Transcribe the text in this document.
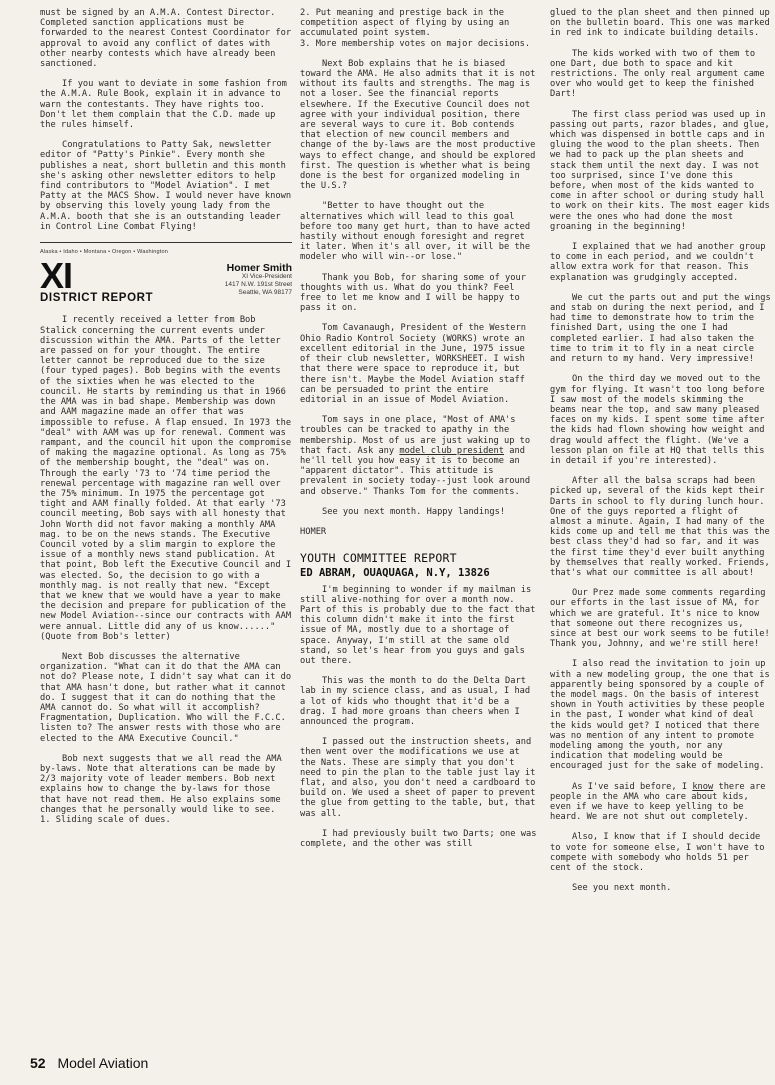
must be signed by an A.M.A. Contest Director. Completed sanction applications must be forwarded to the nearest Contest Coordinator for approval to avoid any conflict of dates with other nearby contests which have already been sanctioned.

If you want to deviate in some fashion from the A.M.A. Rule Book, explain it in advance to warn the contestants. They have rights too. Don't let them complain that the C.D. made up the rules himself.

Congratulations to Patty Sak, newsletter editor of "Patty's Pinkie". Every month she publishes a neat, short bulletin and this month she's asking other newsletter editors to help find contributors to "Model Aviation". I met Patty at the MACS Show. I would never have known by observing this lovely young lady from the A.M.A. booth that she is an outstanding leader in Control Line Combat Flying!

Alaska • Idaho • Montana • Oregon • Washington
XI
DISTRICT REPORT
Homer Smith
XI Vice-President
1417 N.W. 191st Street
Seattle, WA 98177

I recently received a letter from Bob Stalick concerning the current events under discussion within the AMA. Parts of the letter are passed on for your thought. The entire letter cannot be reproduced due to the size (four typed pages). Bob begins with the events of the sixties when he was elected to the council. He starts by reminding us that in 1966 the AMA was in bad shape. Membership was down and AAM magazine made an offer that was impossible to refuse. A flap ensued. In 1973 the "deal" with AAM was up for renewal. Comment was rampant, and the council hit upon the compromise of making the magazine optional. As long as 75% of the membership bought, the "deal" was on. Through the early '73 to '74 time period the renewal percentage with magazine ran well over the 75% minimum. In 1975 the percentage got tight and AAM finally folded. At that early '73 council meeting, Bob says with all honesty that John Worth did not favor making a monthly AMA mag. to be on the news stands. The Executive Council voted by a slim margin to explore the issue of a monthly news stand publication. At that point, Bob left the Executive Council and I was elected. So, the decision to go with a monthly mag. is not really that new. "Except that we knew that we would have a year to make the decision and prepare for publication of the new Model Aviation--since our contracts with AAM were annual. Little did any of us know......" (Quote from Bob's letter)

Next Bob discusses the alternative organization. "What can it do that the AMA can not do? Please note, I didn't say what can it do that AMA hasn't done, but rather what it cannot do. I suggest that it can do nothing that the AMA cannot do. So what will it accomplish? Fragmentation, Duplication. Who will the F.C.C. listen to? The answer rests with those who are elected to the AMA Executive Council."

Bob next suggests that we all read the AMA by-laws. Note that alterations can be made by 2/3 majority vote of leader members. Bob next explains how to change the by-laws for those that have not read them. He also explains some changes that he personally would like to see.

1. Sliding scale of dues.

2. Put meaning and prestige back in the competition aspect of flying by using an accumulated point system.

3. More membership votes on major decisions.

Next Bob explains that he is biased toward the AMA. He also admits that it is not without its faults and strengths. The mag is not a loser. See the financial reports elsewhere. If the Executive Council does not agree with your individual position, there are several ways to cure it. Bob contends that election of new council members and change of the by-laws are the most productive ways to effect change, and should be explored first. The question is whether what is being done is the best for organized modeling in the U.S.?

"Better to have thought out the alternatives which will lead to this goal before too many get hurt, than to have acted hastily without enough foresight and regret it later. When it's all over, it will be the modeler who will win--or lose."

Thank you Bob, for sharing some of your thoughts with us. What do you think? Feel free to let me know and I will be happy to pass it on.

Tom Cavanaugh, President of the Western Ohio Radio Kontrol Society (WORKS) wrote an excellent editorial in the June, 1975 issue of their club newsletter, WORKSHEET. I wish that there were space to reproduce it, but there isn't. Maybe the Model Aviation staff can be persuaded to print the entire editorial in an issue of Model Aviation.

Tom says in one place, "Most of AMA's troubles can be tracked to apathy in the membership. Most of us are just waking up to that fact. Ask any model club president and he'll tell you how easy it is to become an "apparent dictator". This attitude is prevalent in society today--just look around and observe." Thanks Tom for the comments.

See you next month. Happy landings!

HOMER

YOUTH COMMITTEE REPORT
ED ABRAM, OUAQUAGA, N.Y, 13826

I'm beginning to wonder if my mailman is still alive-nothing for over a month now. Part of this is probably due to the fact that this column didn't make it into the first issue of MA, mostly due to a shortage of space. Anyway, I'm still at the same old stand, so let's hear from you guys and gals out there.

This was the month to do the Delta Dart lab in my science class, and as usual, I had a lot of kids who thought that it'd be a drag. I had more groans than cheers when I announced the program.

I passed out the instruction sheets, and then went over the modifications we use at the Nats. These are simply that you don't need to pin the plan to the table just lay it flat, and also, you don't need a cardboard to build on. We used a sheet of paper to prevent the glue from getting to the table, but, that was all.

I had previously built two Darts; one was complete, and the other was still

glued to the plan sheet and then pinned up on the bulletin board. This one was marked in red ink to indicate building details.

The kids worked with two of them to one Dart, due both to space and kit restrictions. The only real argument came over who would get to keep the finished Dart!

The first class period was used up in passing out parts, razor blades, and glue, which was dispensed in bottle caps and in gluing the wood to the plan sheets. Then we had to pack up the plan sheets and stack them until the next day. I was not too surprised, since I've done this before, when most of the kids wanted to come in after school or during study hall to work on their kits. The most eager kids were the ones who had done the most groaning in the beginning!

I explained that we had another group to come in each period, and we couldn't allow extra work for that reason. This explanation was grudgingly accepted.

We cut the parts out and put the wings and stab on during the next period, and I had time to demonstrate how to trim the finished Dart, using the one I had completed earlier. I had also taken the time to trim it to fly in a neat circle and return to my hand. Very impressive!

On the third day we moved out to the gym for flying. It wasn't too long before I saw most of the models skimming the beams near the top, and saw many pleased faces on my kids. I spent some time after the kids had flown showing how weight and drag would affect the flight. (We've a lesson plan on file at HQ that tells this in detail if you're interested).

After all the balsa scraps had been picked up, several of the kids kept their Darts in school to fly during lunch hour. One of the guys reported a flight of almost a minute. Again, I had many of the kids come up and tell me that this was the best class they'd had so far, and it was the first time they'd ever built anything by themselves that really worked. Friends, that's what our committee is all about!

Our Prez made some comments regarding our efforts in the last issue of MA, for which we are grateful. It's nice to know that someone out there recognizes us, since at best our work seems to be futile! Thank you, Johnny, and we're still here!

I also read the invitation to join up with a new modeling group, the one that is apparently being sponsored by a couple of the model mags. On the basis of interest shown in Youth activities by these people in the past, I wonder what kind of deal the kids would get? I noticed that there was no mention of any intent to promote modeling among the youth, nor any indication that modeling would be encouraged just for the sake of modeling.

As I've said before, I know there are people in the AMA who care about kids, even if we have to keep yelling to be heard. We are not shut out completely.

Also, I know that if I should decide to vote for someone else, I won't have to compete with somebody who holds 51 per cent of the stock.

See you next month.

52 Model Aviation
